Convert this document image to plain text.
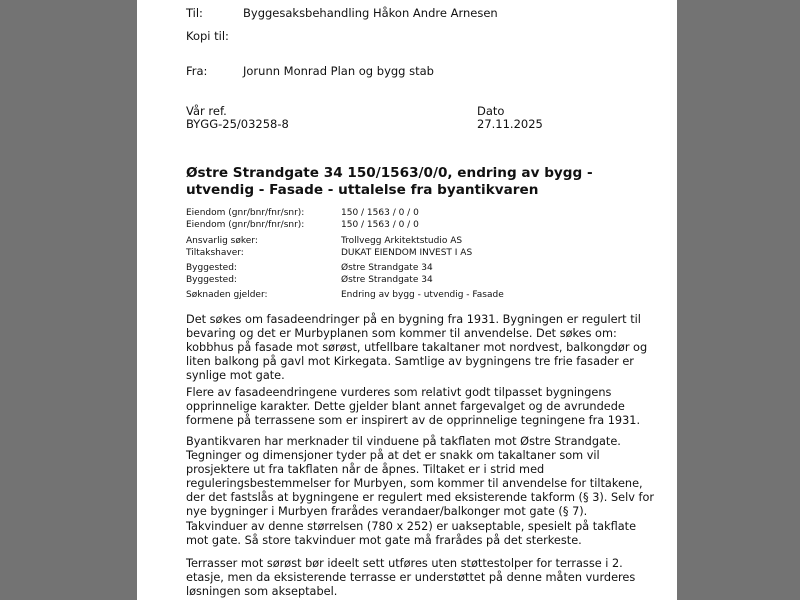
Til:	Byggesaksbehandling Håkon Andre Arnesen
Kopi til:
Fra:	Jorunn Monrad Plan og bygg stab
Vår ref.
BYGG-25/03258-8
Dato
27.11.2025
Østre Strandgate 34 150/1563/0/0, endring av bygg -
utvendig - Fasade - uttalelse fra byantikvaren
Eiendom (gnr/bnr/fnr/snr):	150 / 1563 / 0 / 0
Eiendom (gnr/bnr/fnr/snr):	150 / 1563 / 0 / 0
Ansvarlig søker:	Trollvegg Arkitektstudio AS
Tiltakshaver:	DUKAT EIENDOM INVEST I AS
Byggested:	Østre Strandgate 34
Byggested:	Østre Strandgate 34
Søknaden gjelder:	Endring av bygg - utvendig - Fasade
Det søkes om fasadeendringer på en bygning fra 1931. Bygningen er regulert til
bevaring og det er Murbyplanen som kommer til anvendelse. Det søkes om:
kobbhus på fasade mot sørøst, utfellbare takaltaner mot nordvest, balkongdør og
liten balkong på gavl mot Kirkegata. Samtlige av bygningens tre frie fasader er
synlige mot gate.
Flere av fasadeendringene vurderes som relativt godt tilpasset bygningens
opprinnelige karakter. Dette gjelder blant annet fargevalget og de avrundede
formene på terrassene som er inspirert av de opprinnelige tegningene fra 1931.
Byantikvaren har merknader til vinduene på takflaten mot Østre Strandgate.
Tegninger og dimensjoner tyder på at det er snakk om takaltaner som vil
prosjektere ut fra takflaten når de åpnes. Tiltaket er i strid med
reguleringsbestemmelser for Murbyen, som kommer til anvendelse for tiltakene,
der det fastslås at bygningene er regulert med eksisterende takform (§ 3). Selv for
nye bygninger i Murbyen frarådes verandaer/balkonger mot gate (§ 7).
Takvinduer av denne størrelsen (780 x 252) er uakseptable, spesielt på takflate
mot gate. Så store takvinduer mot gate må frarådes på det sterkeste.
Terrasser mot sørøst bør ideelt sett utføres uten støttestolper for terrasse i 2.
etasje, men da eksisterende terrasse er understøttet på denne måten vurderes
løsningen som akseptabel.
